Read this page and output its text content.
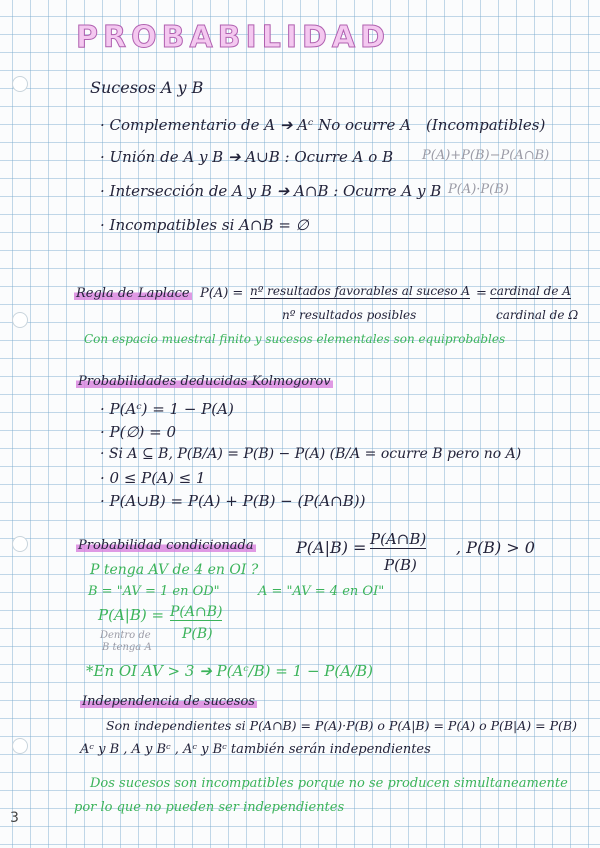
PROBABILIDAD
Sucesos A y B
· Complementario de A ➔ Aᶜ No ocurre A (Incompatibles)
· Unión de A y B ➔ A∪B : Ocurre A o B P(A)+P(B)−P(A∩B)
· Intersección de A y B ➔ A∩B : Ocurre A y B P(A)·P(B)
· Incompatibles si A∩B = ∅
Regla de Laplace P(A) = nº resultados favorables al suceso A
nº resultados posibles
= cardinal de A
cardinal de Ω
Con espacio muestral finito y sucesos elementales son equiprobables
Probabilidades deducidas Kolmogorov
· P(Aᶜ) = 1 − P(A)
· P(∅) = 0
· Si A ⊆ B, P(B/A) = P(B) − P(A) (B/A = ocurre B pero no A)
· 0 ≤ P(A) ≤ 1
· P(A∪B) = P(A) + P(B) − (P(A∩B))
Probabilidad condicionada	P(A|B) = P(A∩B)
P(B)
, P(B) > 0
P tenga AV de 4 en OI ?
B = "AV = 1 en OD"	A = "AV = 4 en OI"
P(A|B) = P(A∩B)
P(B)
Dentro de
B tenga A
*En OI AV > 3 ➔ P(Aᶜ/B) = 1 − P(A/B)
Independencia de sucesos
Son independientes si P(A∩B) = P(A)·P(B) o P(A|B) = P(A) o P(B|A) = P(B)
Aᶜ y B , A y Bᶜ , Aᶜ y Bᶜ también serán independientes
Dos sucesos son incompatibles porque no se producen simultaneamente
por lo que no pueden ser independientes
3
